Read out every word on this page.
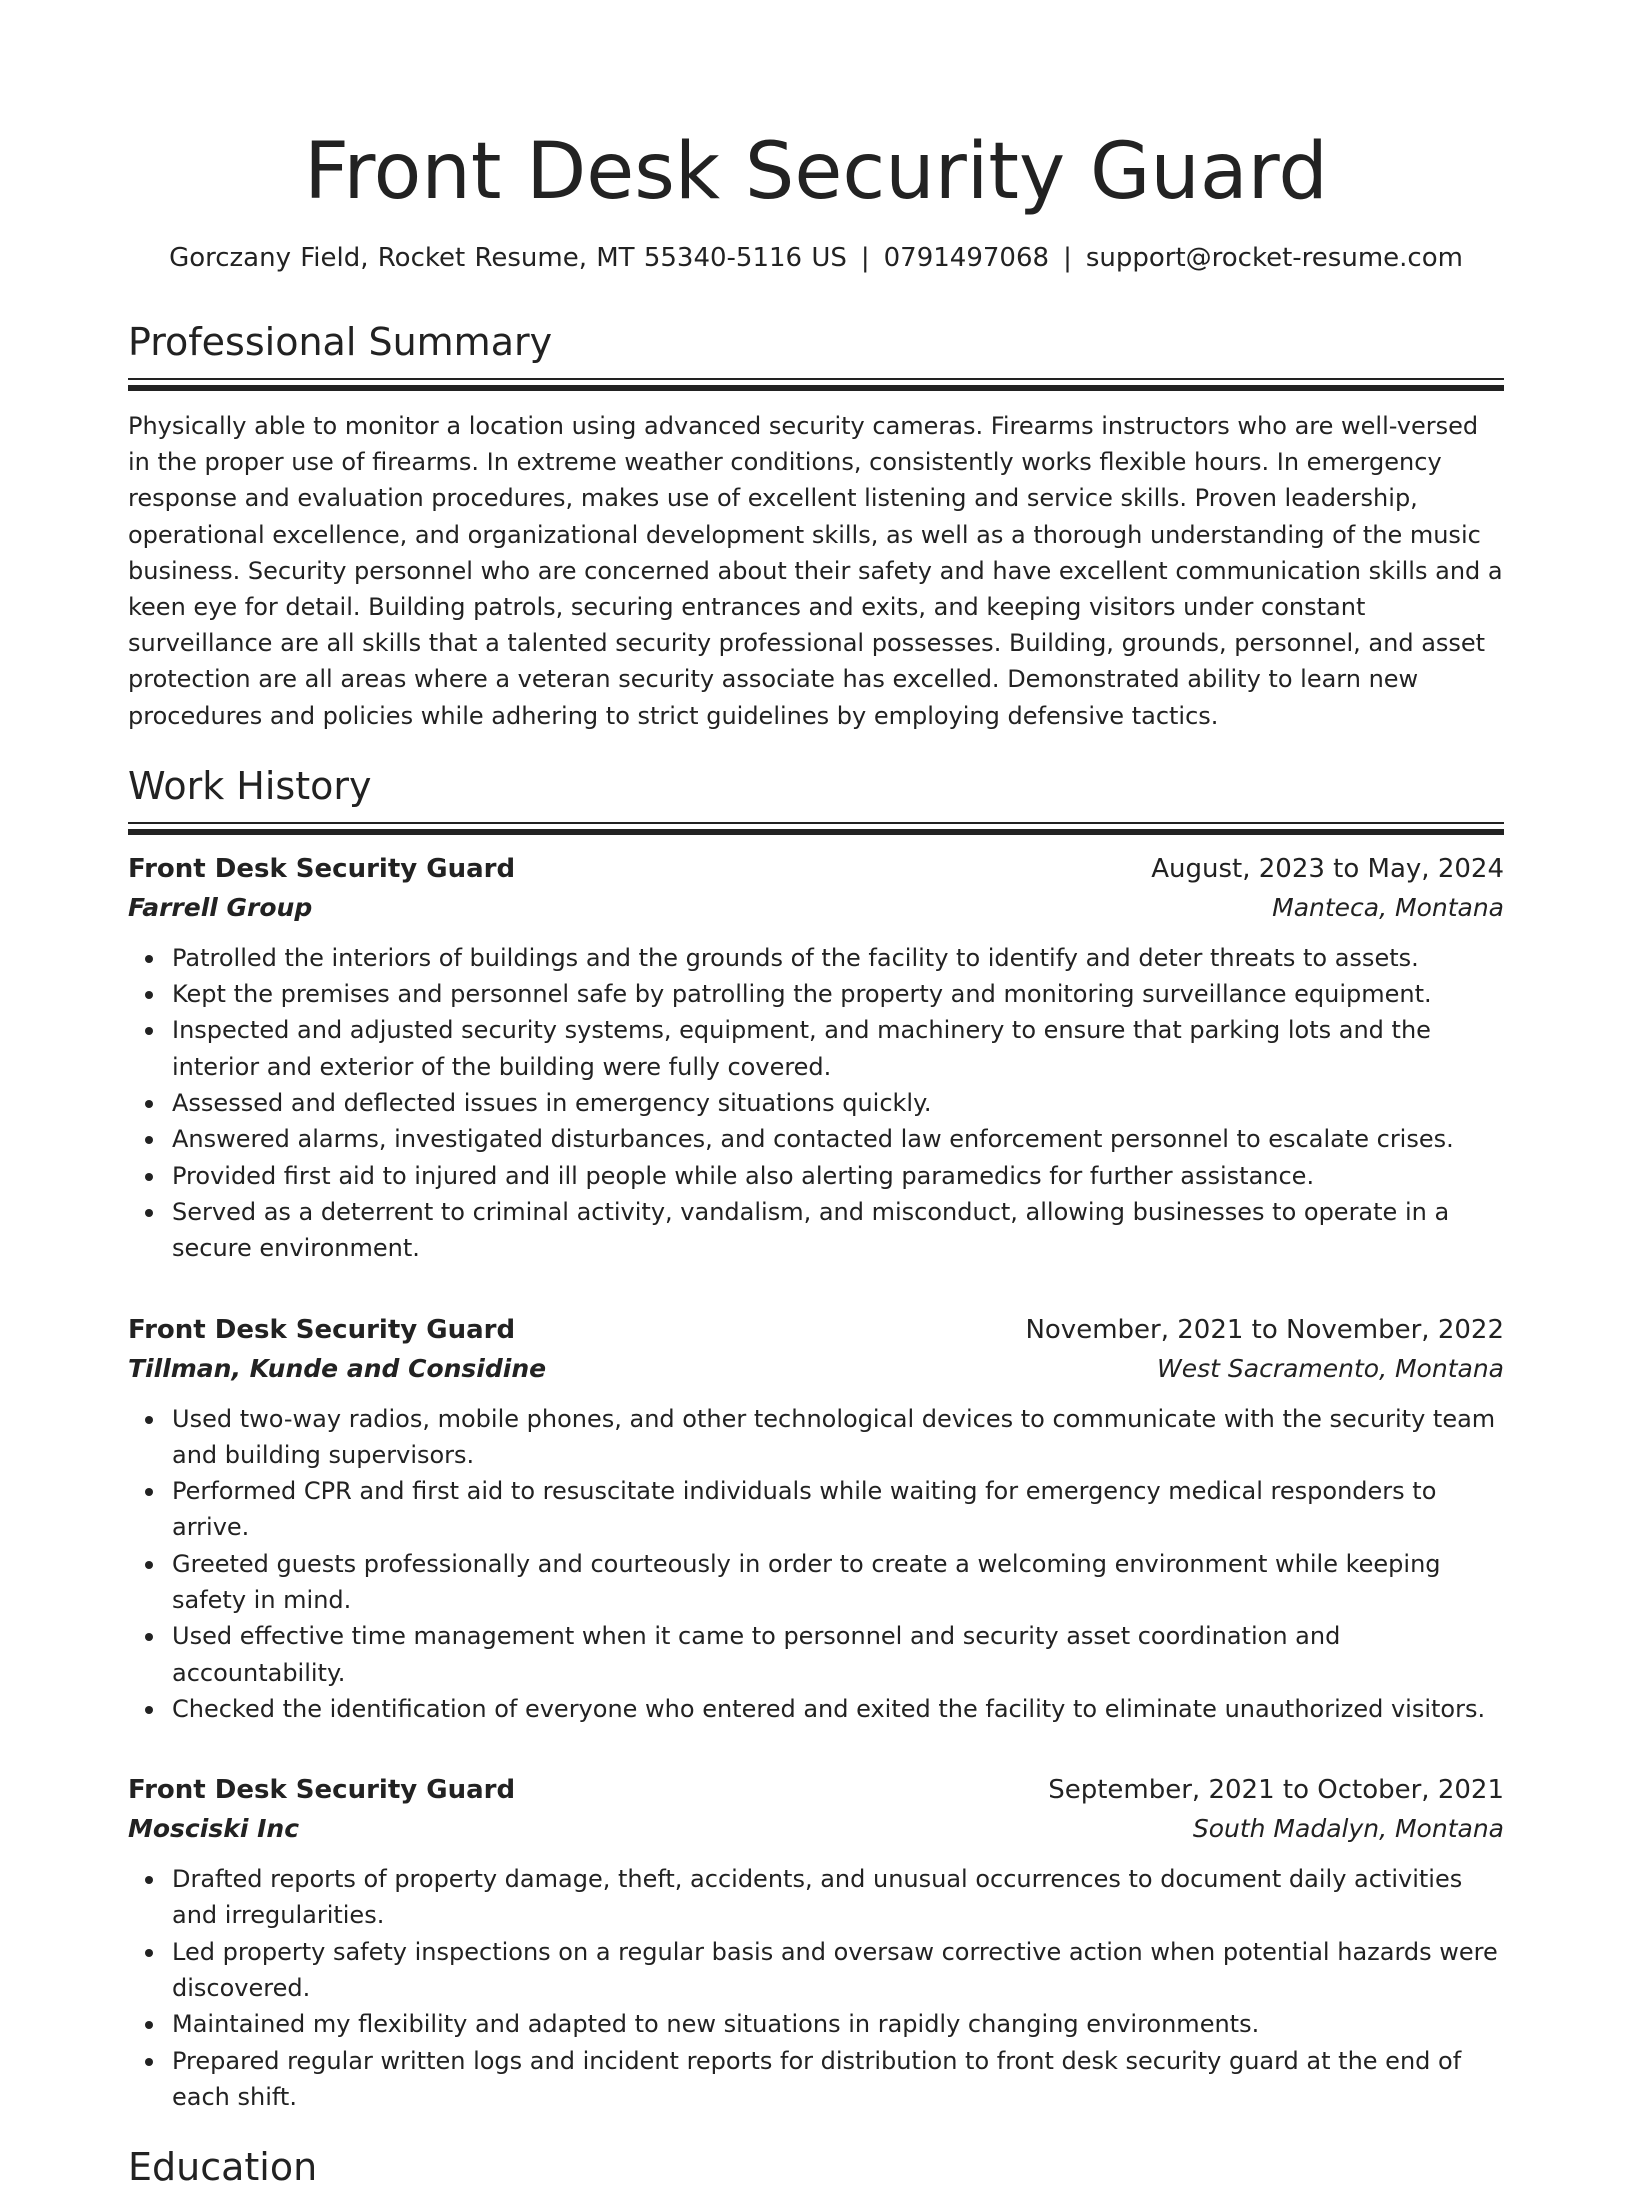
Front Desk Security Guard
Gorczany Field, Rocket Resume, MT 55340-5116 US | 0791497068 | support@rocket-resume.com
Professional Summary

Physically able to monitor a location using advanced security cameras. Firearms instructors who are well-versed in the proper use of firearms. In extreme weather conditions, consistently works flexible hours. In emergency response and evaluation procedures, makes use of excellent listening and service skills. Proven leadership, operational excellence, and organizational development skills, as well as a thorough understanding of the music business. Security personnel who are concerned about their safety and have excellent communication skills and a keen eye for detail. Building patrols, securing entrances and exits, and keeping visitors under constant surveillance are all skills that a talented security professional possesses. Building, grounds, personnel, and asset protection are all areas where a veteran security associate has excelled. Demonstrated ability to learn new procedures and policies while adhering to strict guidelines by employing defensive tactics.

Work History
Front Desk Security Guard	August, 2023 to May, 2024
Farrell Group	Manteca, Montana
Patrolled the interiors of buildings and the grounds of the facility to identify and deter threats to assets.
Kept the premises and personnel safe by patrolling the property and monitoring surveillance equipment.
Inspected and adjusted security systems, equipment, and machinery to ensure that parking lots and the interior and exterior of the building were fully covered.
Assessed and deflected issues in emergency situations quickly.
Answered alarms, investigated disturbances, and contacted law enforcement personnel to escalate crises.
Provided first aid to injured and ill people while also alerting paramedics for further assistance.
Served as a deterrent to criminal activity, vandalism, and misconduct, allowing businesses to operate in a secure environment.
Front Desk Security Guard	November, 2021 to November, 2022
Tillman, Kunde and Considine	West Sacramento, Montana
Used two-way radios, mobile phones, and other technological devices to communicate with the security team and building supervisors.
Performed CPR and first aid to resuscitate individuals while waiting for emergency medical responders to arrive.
Greeted guests professionally and courteously in order to create a welcoming environment while keeping safety in mind.
Used effective time management when it came to personnel and security asset coordination and accountability.
Checked the identification of everyone who entered and exited the facility to eliminate unauthorized visitors.
Front Desk Security Guard	September, 2021 to October, 2021
Mosciski Inc	South Madalyn, Montana
Drafted reports of property damage, theft, accidents, and unusual occurrences to document daily activities and irregularities.
Led property safety inspections on a regular basis and oversaw corrective action when potential hazards were discovered.
Maintained my flexibility and adapted to new situations in rapidly changing environments.
Prepared regular written logs and incident reports for distribution to front desk security guard at the end of each shift.
Education
